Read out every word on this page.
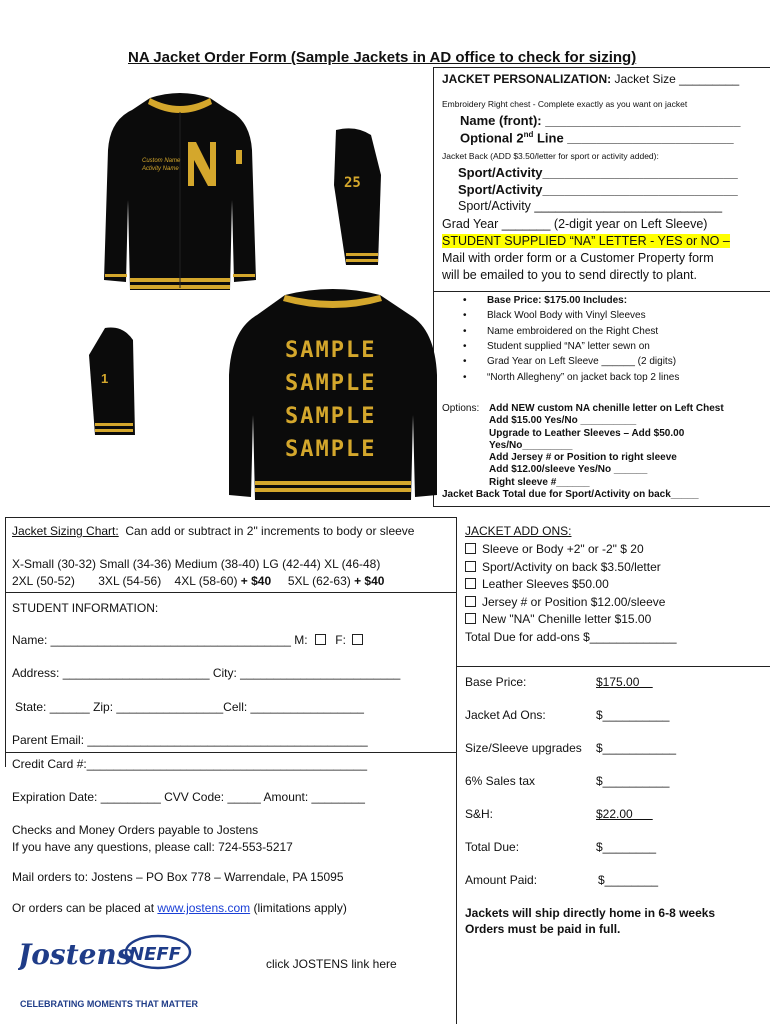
NA Jacket Order Form (Sample Jackets in AD office to check for sizing)
JACKET PERSONALIZATION: Jacket Size _________
Embroidery Right chest - Complete exactly as you want on jacket
Name (front): ___________________________
Optional 2nd Line _______________________
Jacket Back (ADD $3.50/letter for sport or activity added):
Sport/Activity___________________________
Sport/Activity___________________________
Sport/Activity ___________________________
Grad Year _______ (2-digit year on Left Sleeve)
STUDENT SUPPLIED “NA” LETTER - YES or NO –
Mail with order form or a Customer Property form
will be emailed to you to send directly to plant.
Base Price: $175.00 Includes:
Black Wool Body with Vinyl Sleeves
Name embroidered on the Right Chest
Student supplied “NA” letter sewn on
Grad Year on Left Sleeve ______ (2 digits)
“North Allegheny” on jacket back top 2 lines
Options: Add NEW custom NA chenille letter on Left Chest
Add $15.00 Yes/No __________
Upgrade to Leather Sleeves – Add $50.00
Yes/No_________
Add Jersey # or Position to right sleeve
Add $12.00/sleeve Yes/No ______
Right sleeve #______
Jacket Back Total due for Sport/Activity on back_____
Custom Name
Activity Name
25
1
SAMPLE
SAMPLE
SAMPLE
SAMPLE
Jacket Sizing Chart: Can add or subtract in 2" increments to body or sleeve
X-Small (30-32) Small (34-36) Medium (38-40) LG (42-44) XL (46-48)
2XL (50-52)       3XL (54-56)    4XL (58-60) + $40     5XL (62-63) + $40
STUDENT INFORMATION:
Name: ____________________________________ M: F:
Address: ______________________ City: ________________________
State: ______ Zip: ________________Cell: _________________
Parent Email: __________________________________________
Credit Card #:__________________________________________
Expiration Date: _________ CVV Code: _____ Amount: ________
Checks and Money Orders payable to Jostens
If you have any questions, please call: 724-553-5217
Mail orders to: Jostens – PO Box 778 – Warrendale, PA 15095
Or orders can be placed at www.jostens.com (limitations apply)
Jostens
NEFF	click JOSTENS link here
CELEBRATING MOMENTS THAT MATTER
JACKET ADD ONS:
Sleeve or Body +2" or -2" $ 20
Sport/Activity on back $3.50/letter
Leather Sleeves $50.00
Jersey # or Position $12.00/sleeve
New "NA" Chenille letter $15.00
Total Due for add-ons $_____________
Base Price:	$175.00
Jacket Ad Ons:	$__________
Size/Sleeve upgrades $___________
6% Sales tax	$__________
S&H:	$22.00
Total Due:	$________
Amount Paid:	$________
Jackets will ship directly home in 6-8 weeks
Orders must be paid in full.
